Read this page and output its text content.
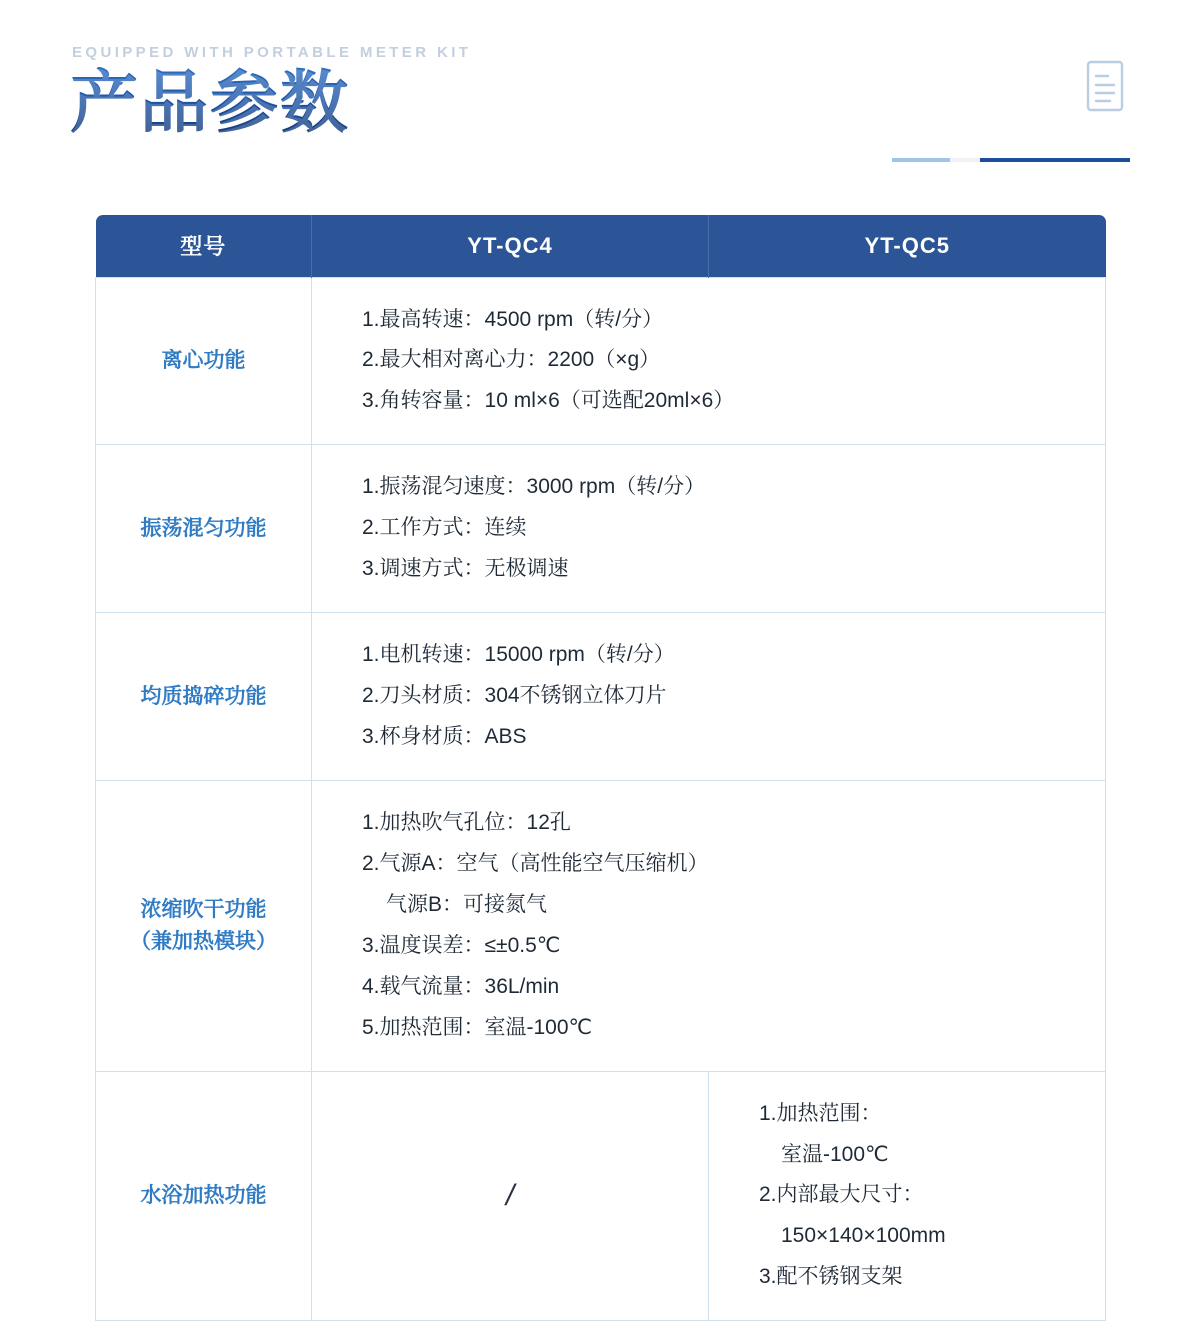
EQUIPPED WITH PORTABLE METER KIT
产品参数
型号	YT-QC4	YT-QC5
离心功能	1.最高转速：4500 rpm（转/分）
2.最大相对离心力：2200（×g）
3.角转容量：10 ml×6（可选配20ml×6）	

振荡混匀功能	1.振荡混匀速度：3000 rpm（转/分）
2.工作方式：连续
3.调速方式：无极调速	

均质捣碎功能	1.电机转速：15000 rpm（转/分）
2.刀头材质：304不锈钢立体刀片
3.杯身材质：ABS	

浓缩吹干功能
（兼加热模块）

1.加热吹气孔位：12孔
2.气源A：空气（高性能空气压缩机）
气源B：可接氮气
3.温度误差：≤±0.5℃
4.载气流量：36L/min
5.加热范围：室温-100℃

水浴加热功能	/	1.加热范围：
室温-100℃
2.内部最大尺寸：
150×140×100mm
3.配不锈钢支架
